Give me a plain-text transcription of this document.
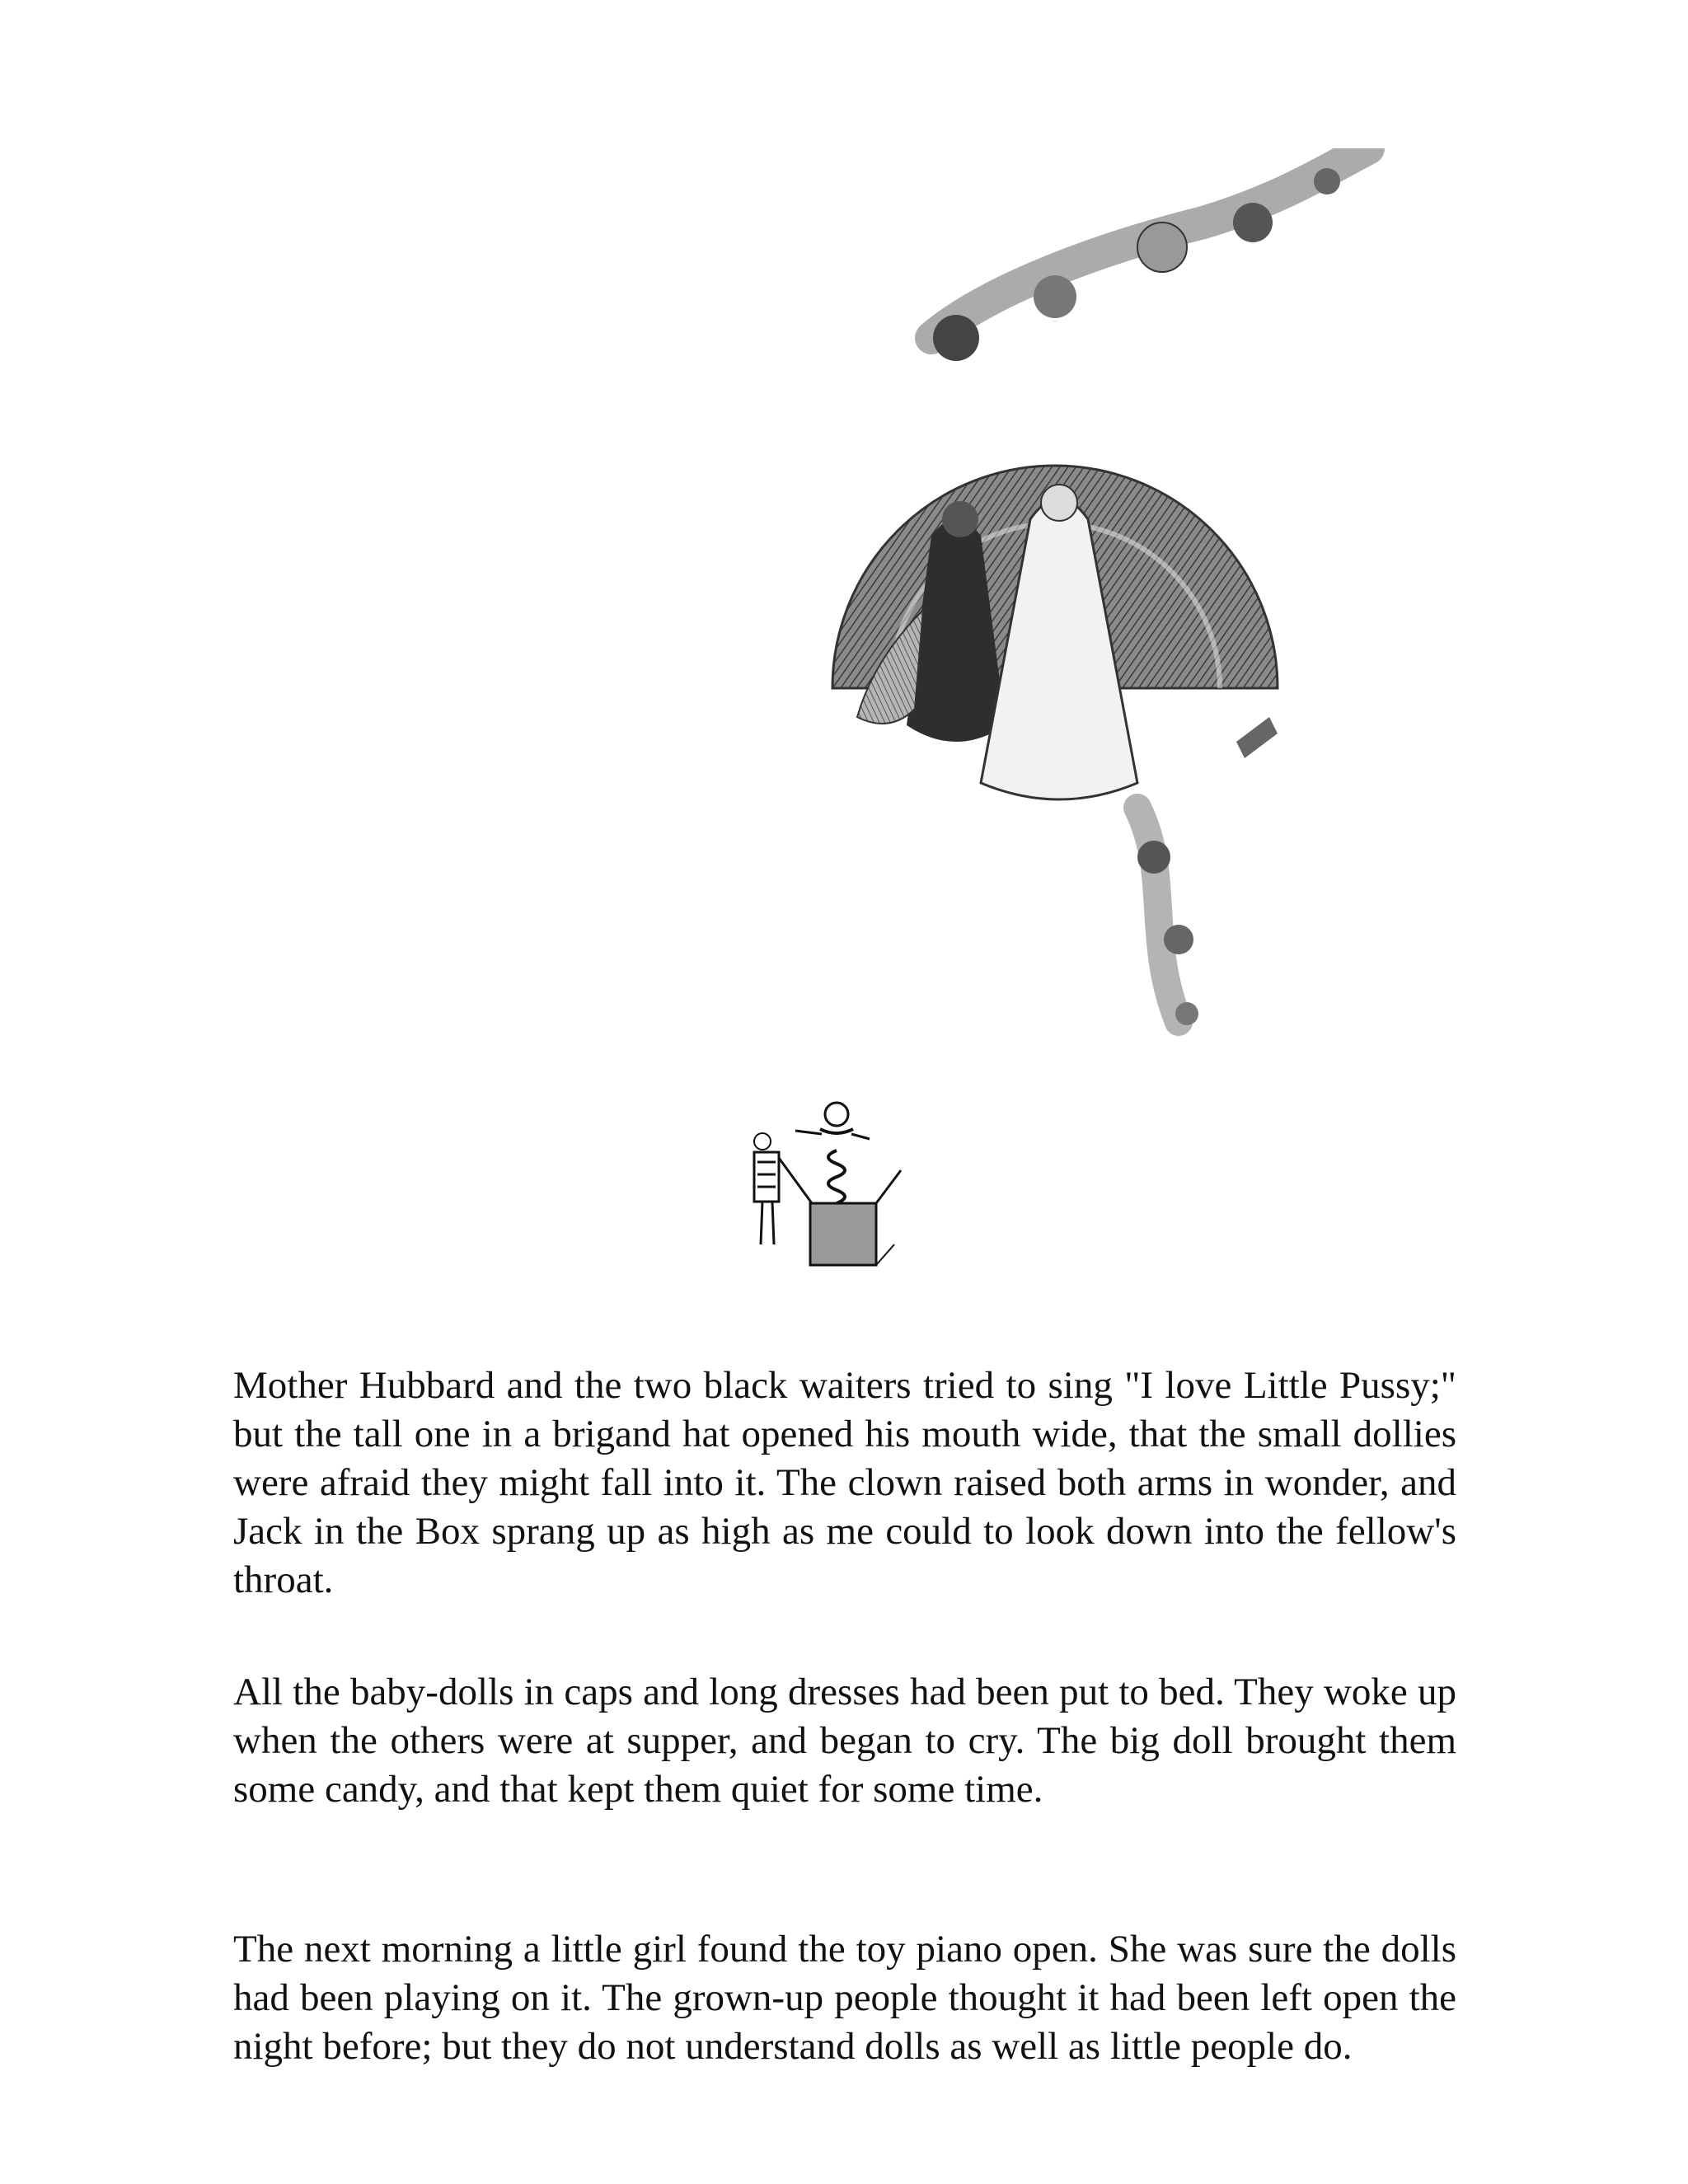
Mother Hubbard and the two black waiters tried to sing "I love Little Pussy;" but the tall one in a brigand hat opened his mouth wide, that the small dollies were afraid they might fall into it. The clown raised both arms in wonder, and Jack in the Box sprang up as high as me could to look down into the fellow's throat.

All the baby-dolls in caps and long dresses had been put to bed. They woke up when the others were at supper, and began to cry. The big doll brought them some candy, and that kept them quiet for some time.

The next morning a little girl found the toy piano open. She was sure the dolls had been playing on it. The grown-up people thought it had been left open the night before; but they do not understand dolls as well as little people do.
